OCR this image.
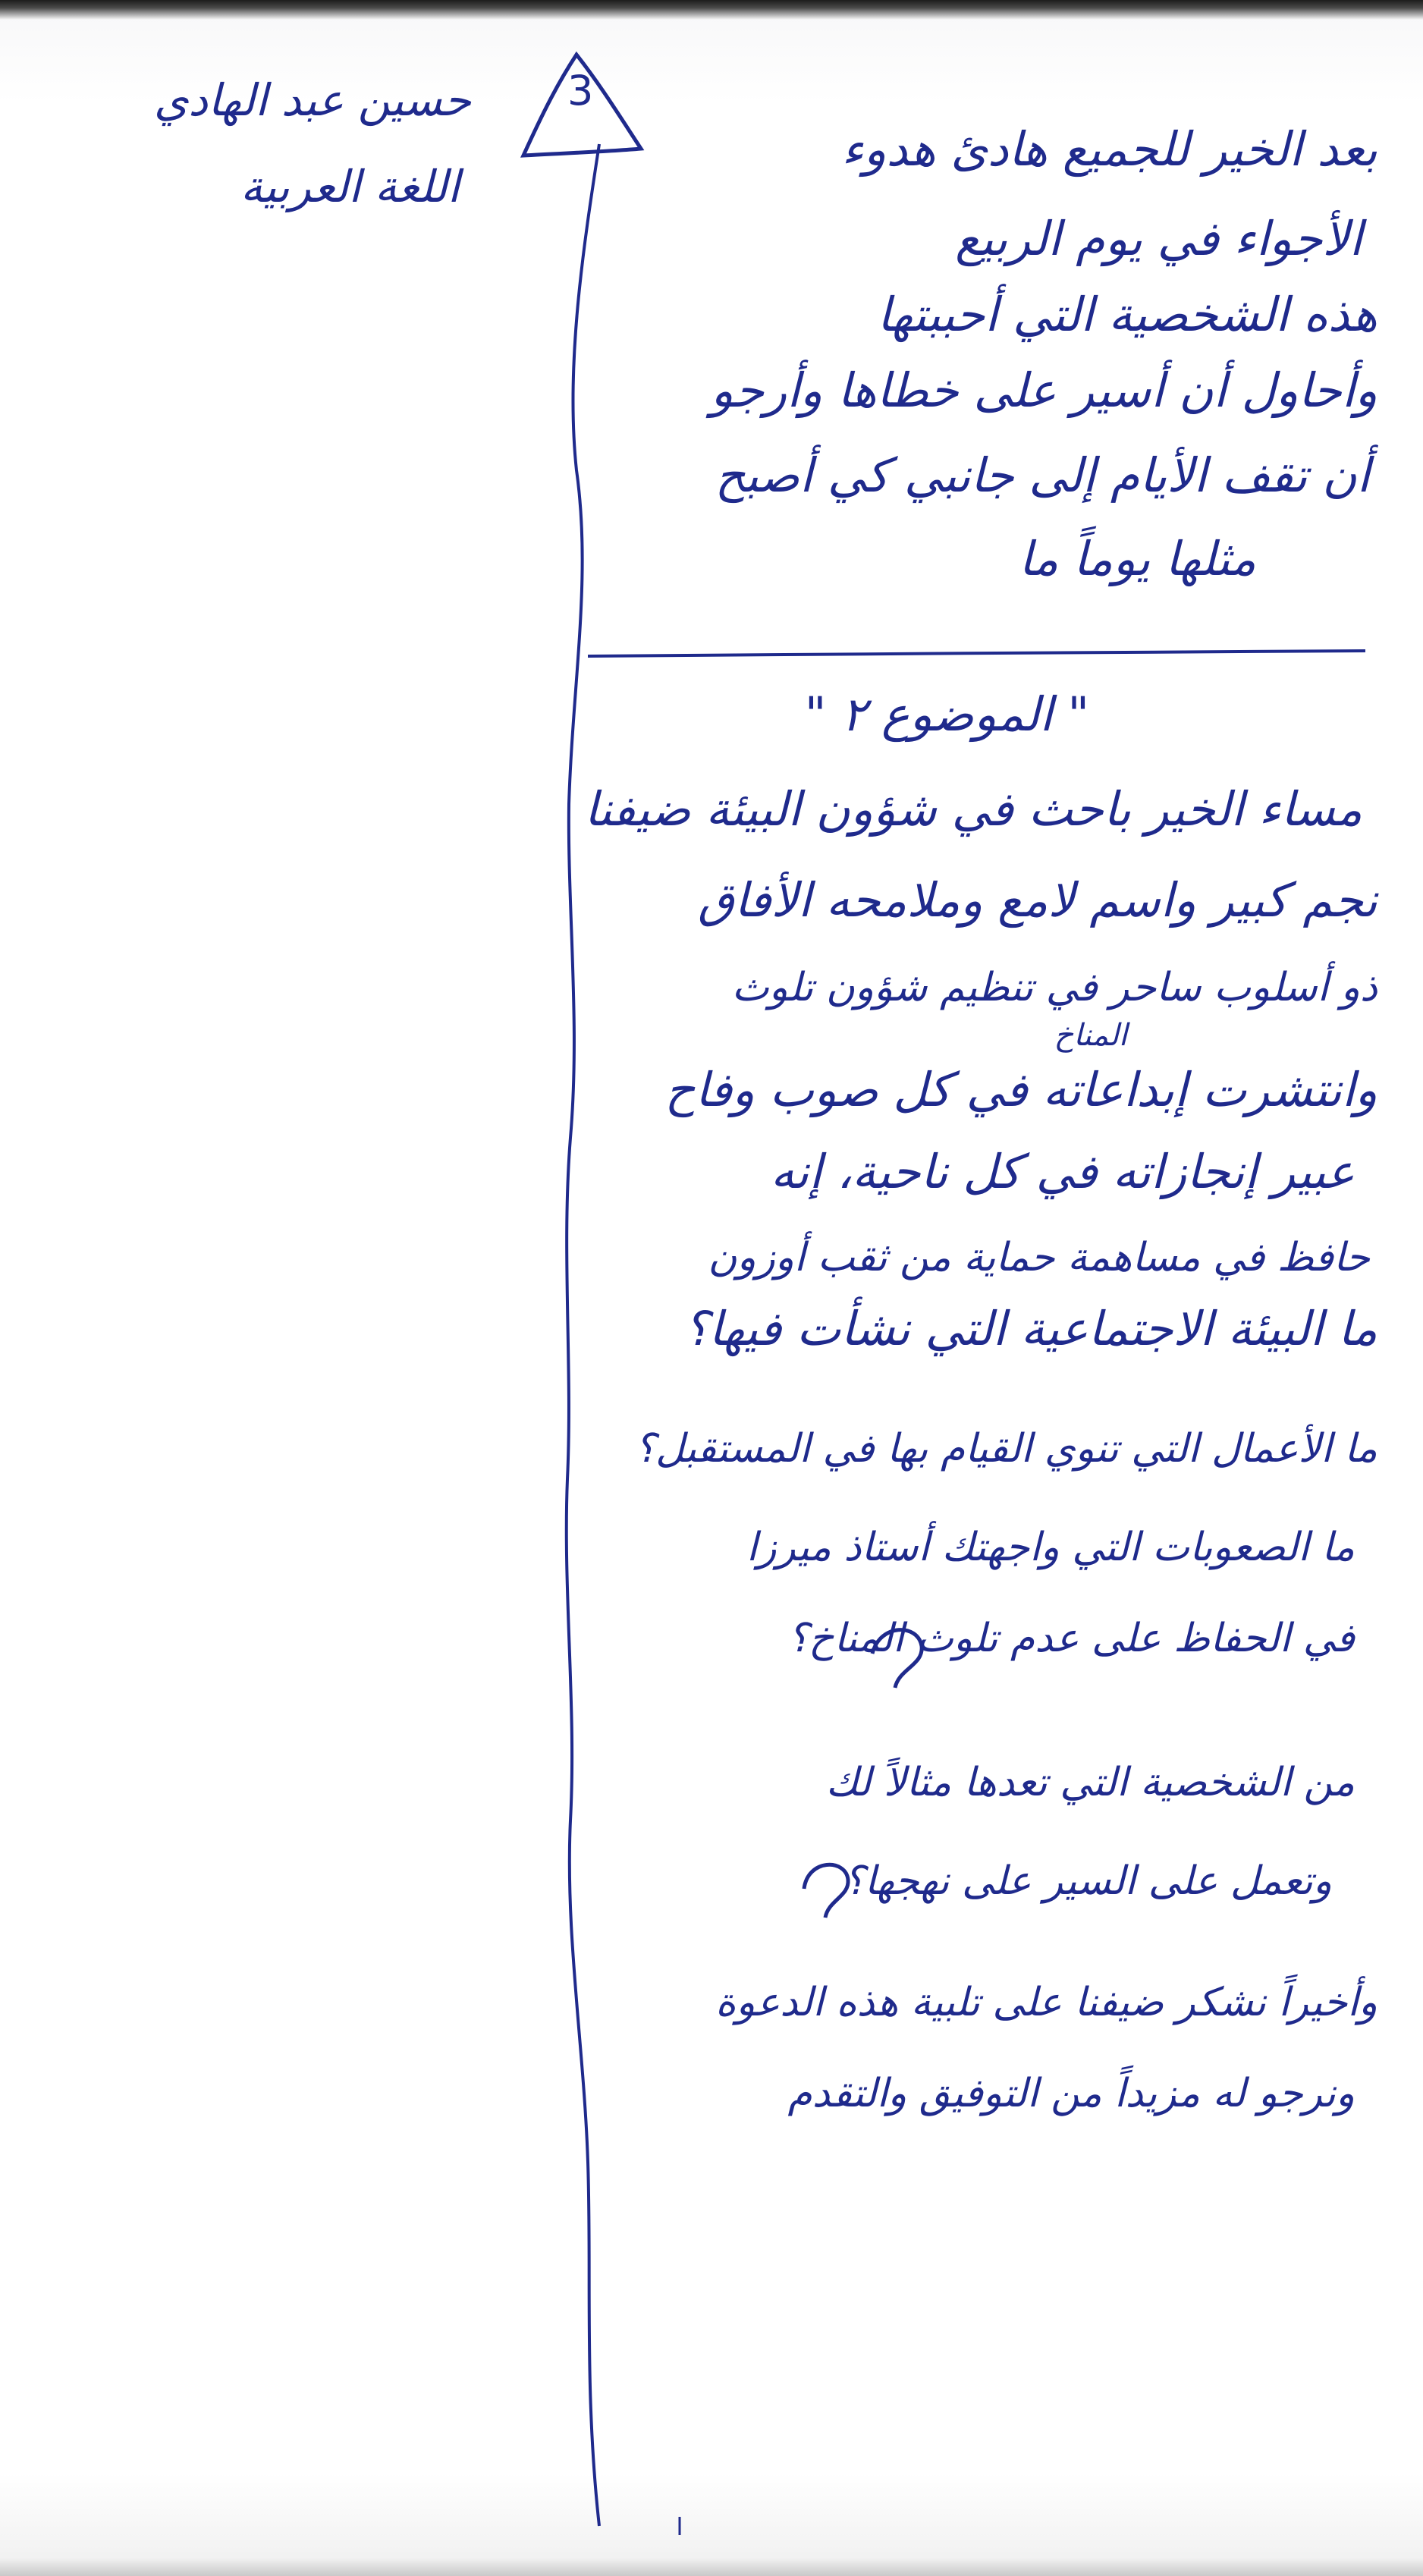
حسين عبد الهادي
اللغة العربية
3
بعد الخير للجميع هادئ هدوء
الأجواء في يوم الربيع
هذه الشخصية التي أحببتها
وأحاول أن أسير على خطاها وأرجو
أن تقف الأيام إلى جانبي كي أصبح
مثلها يوماً ما
" الموضوع ٢ "
مساء الخير باحث في شؤون البيئة ضيفنا
نجم كبير واسم لامع وملامحه الأفاق
ذو أسلوب ساحر في تنظيم شؤون تلوث
المناخ
وانتشرت إبداعاته في كل صوب وفاح
عبير إنجازاته في كل ناحية، إنه
حافظ في مساهمة حماية من ثقب أوزون
ما البيئة الاجتماعية التي نشأت فيها؟
ما الأعمال التي تنوي القيام بها في المستقبل؟
ما الصعوبات التي واجهتك أستاذ ميرزا
في الحفاظ على عدم تلوث المناخ؟
من الشخصية التي تعدها مثالاً لك
وتعمل على السير على نهجها؟
وأخيراً نشكر ضيفنا على تلبية هذه الدعوة
ونرجو له مزيداً من التوفيق والتقدم
